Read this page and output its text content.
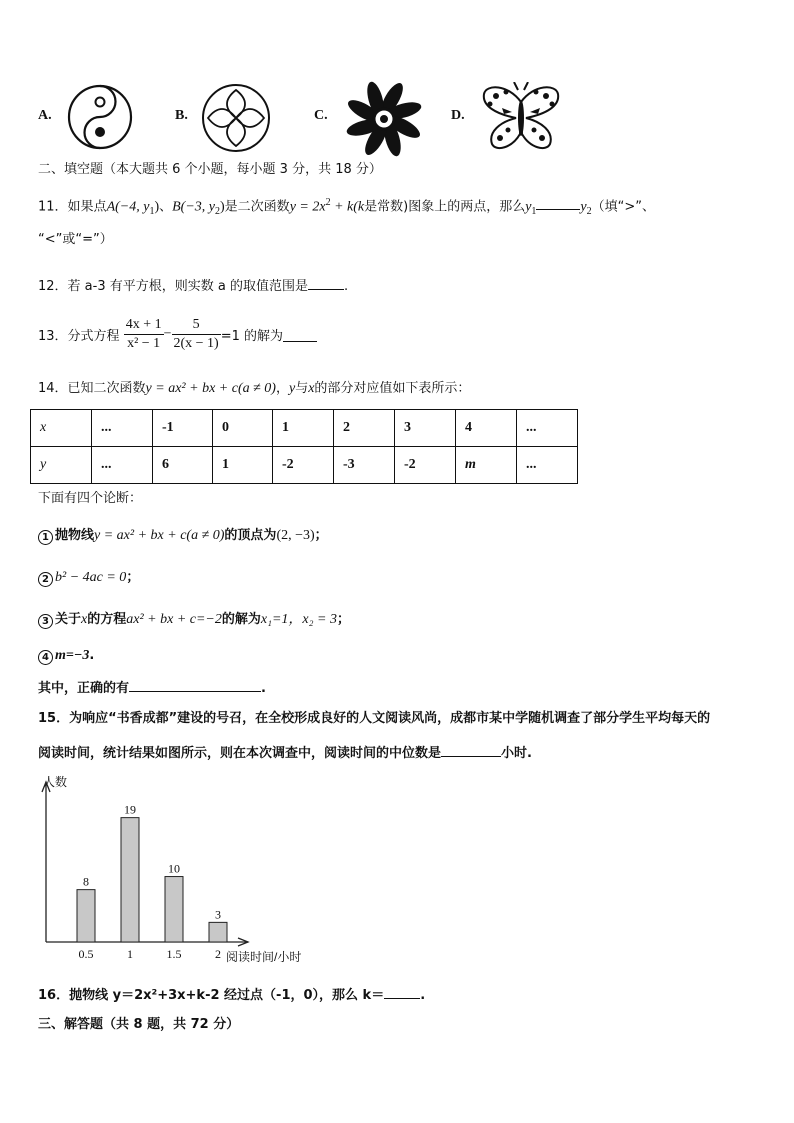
A.	B.	C.	D.
二、填空题（本大题共 6 个小题，每小题 3 分，共 18 分）
11．如果点A(−4, $y_1$)、B(−3, $y_2$)是二次函数$y = 2x^2 + k(k$是常数)图象上的两点，那么$y_1$	$y_2$（填“>”、
“<”或“=”）
12．若 a-3 有平方根，则实数 a 的取值范围是	.
13．分式方程 $\frac{4x + 1}{\text{x² − 1}} - \frac{5}{2(x - 1)} =1$ 的解为
14．已知二次函数y = ax² + bx + c(a ≠ 0)，y与x的部分对应值如下表所示：
x	...	-1	0	1	2	3	4	...
y	...	6	1	-2	-3	-2	m	...
下面有四个论断：
1 抛物线y = ax² + bx + c(a ≠ 0)的顶点为(2, −3)；
2 b² − 4ac = 0；
3 关于x的方程ax² + bx + c=−2的解为x₁=1，x₂ = 3；
4 m=−3.
其中，正确的有	.
15．为响应“书香成都”建设的号召，在全校形成良好的人文阅读风尚，成都市某中学随机调查了部分学生平均每天的
阅读时间，统计结果如图所示，则在本次调查中，阅读时间的中位数是	小时.
人数
阅读时间/小时
8
0.5
19
1
10
1.5
3
2
16．抛物线 y＝2x²+3x+k-2 经过点（-1，0），那么 k＝	.
三、解答题（共 8 题，共 72 分）
